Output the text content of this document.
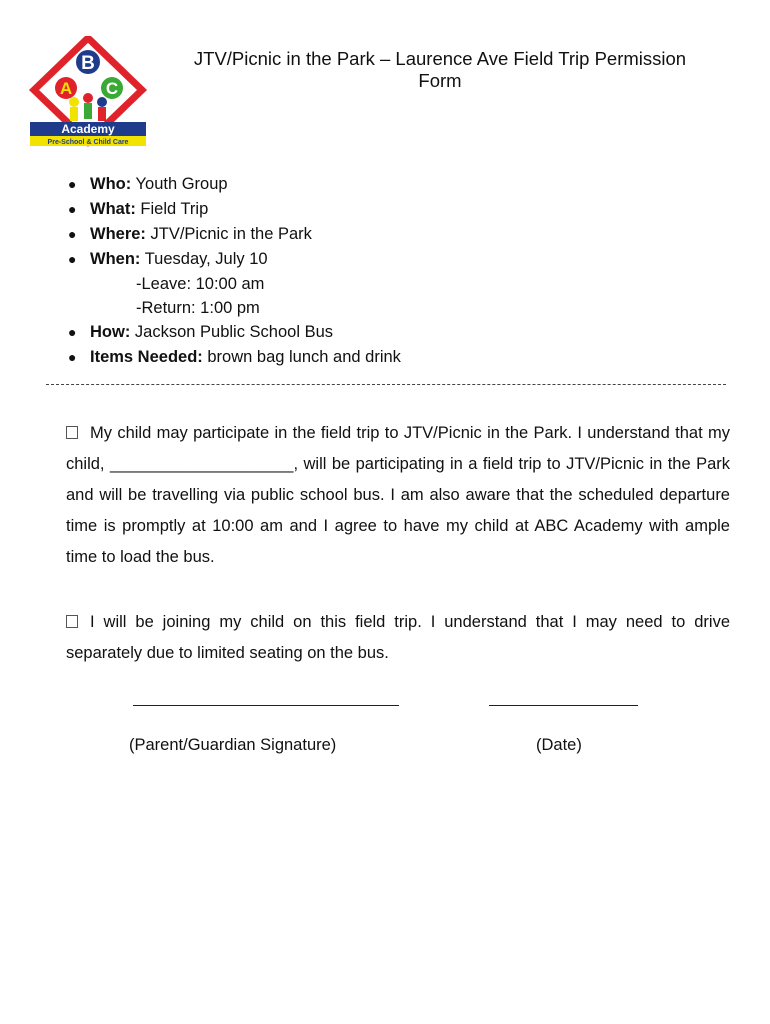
B
A C
Academy
Pre-School & Child Care
JTV/Picnic in the Park – Laurence Ave Field Trip Permission
Form
● Who: Youth Group
● What: Field Trip
● Where: JTV/Picnic in the Park
● When: Tuesday, July 10
-Leave: 10:00 am
-Return: 1:00 pm
● How: Jackson Public School Bus
● Items Needed: brown bag lunch and drink
My child may participate in the field trip to JTV/Picnic in the Park. I understand that my child, ____________________, will be participating in a field trip to JTV/Picnic in the Park and will be travelling via public school bus. I am also aware that the scheduled departure time is promptly at 10:00 am and I agree to have my child at ABC Academy with ample time to load the bus.
I will be joining my child on this field trip. I understand that I may need to drive separately due to limited seating on the bus.
(Parent/Guardian Signature)	(Date)
